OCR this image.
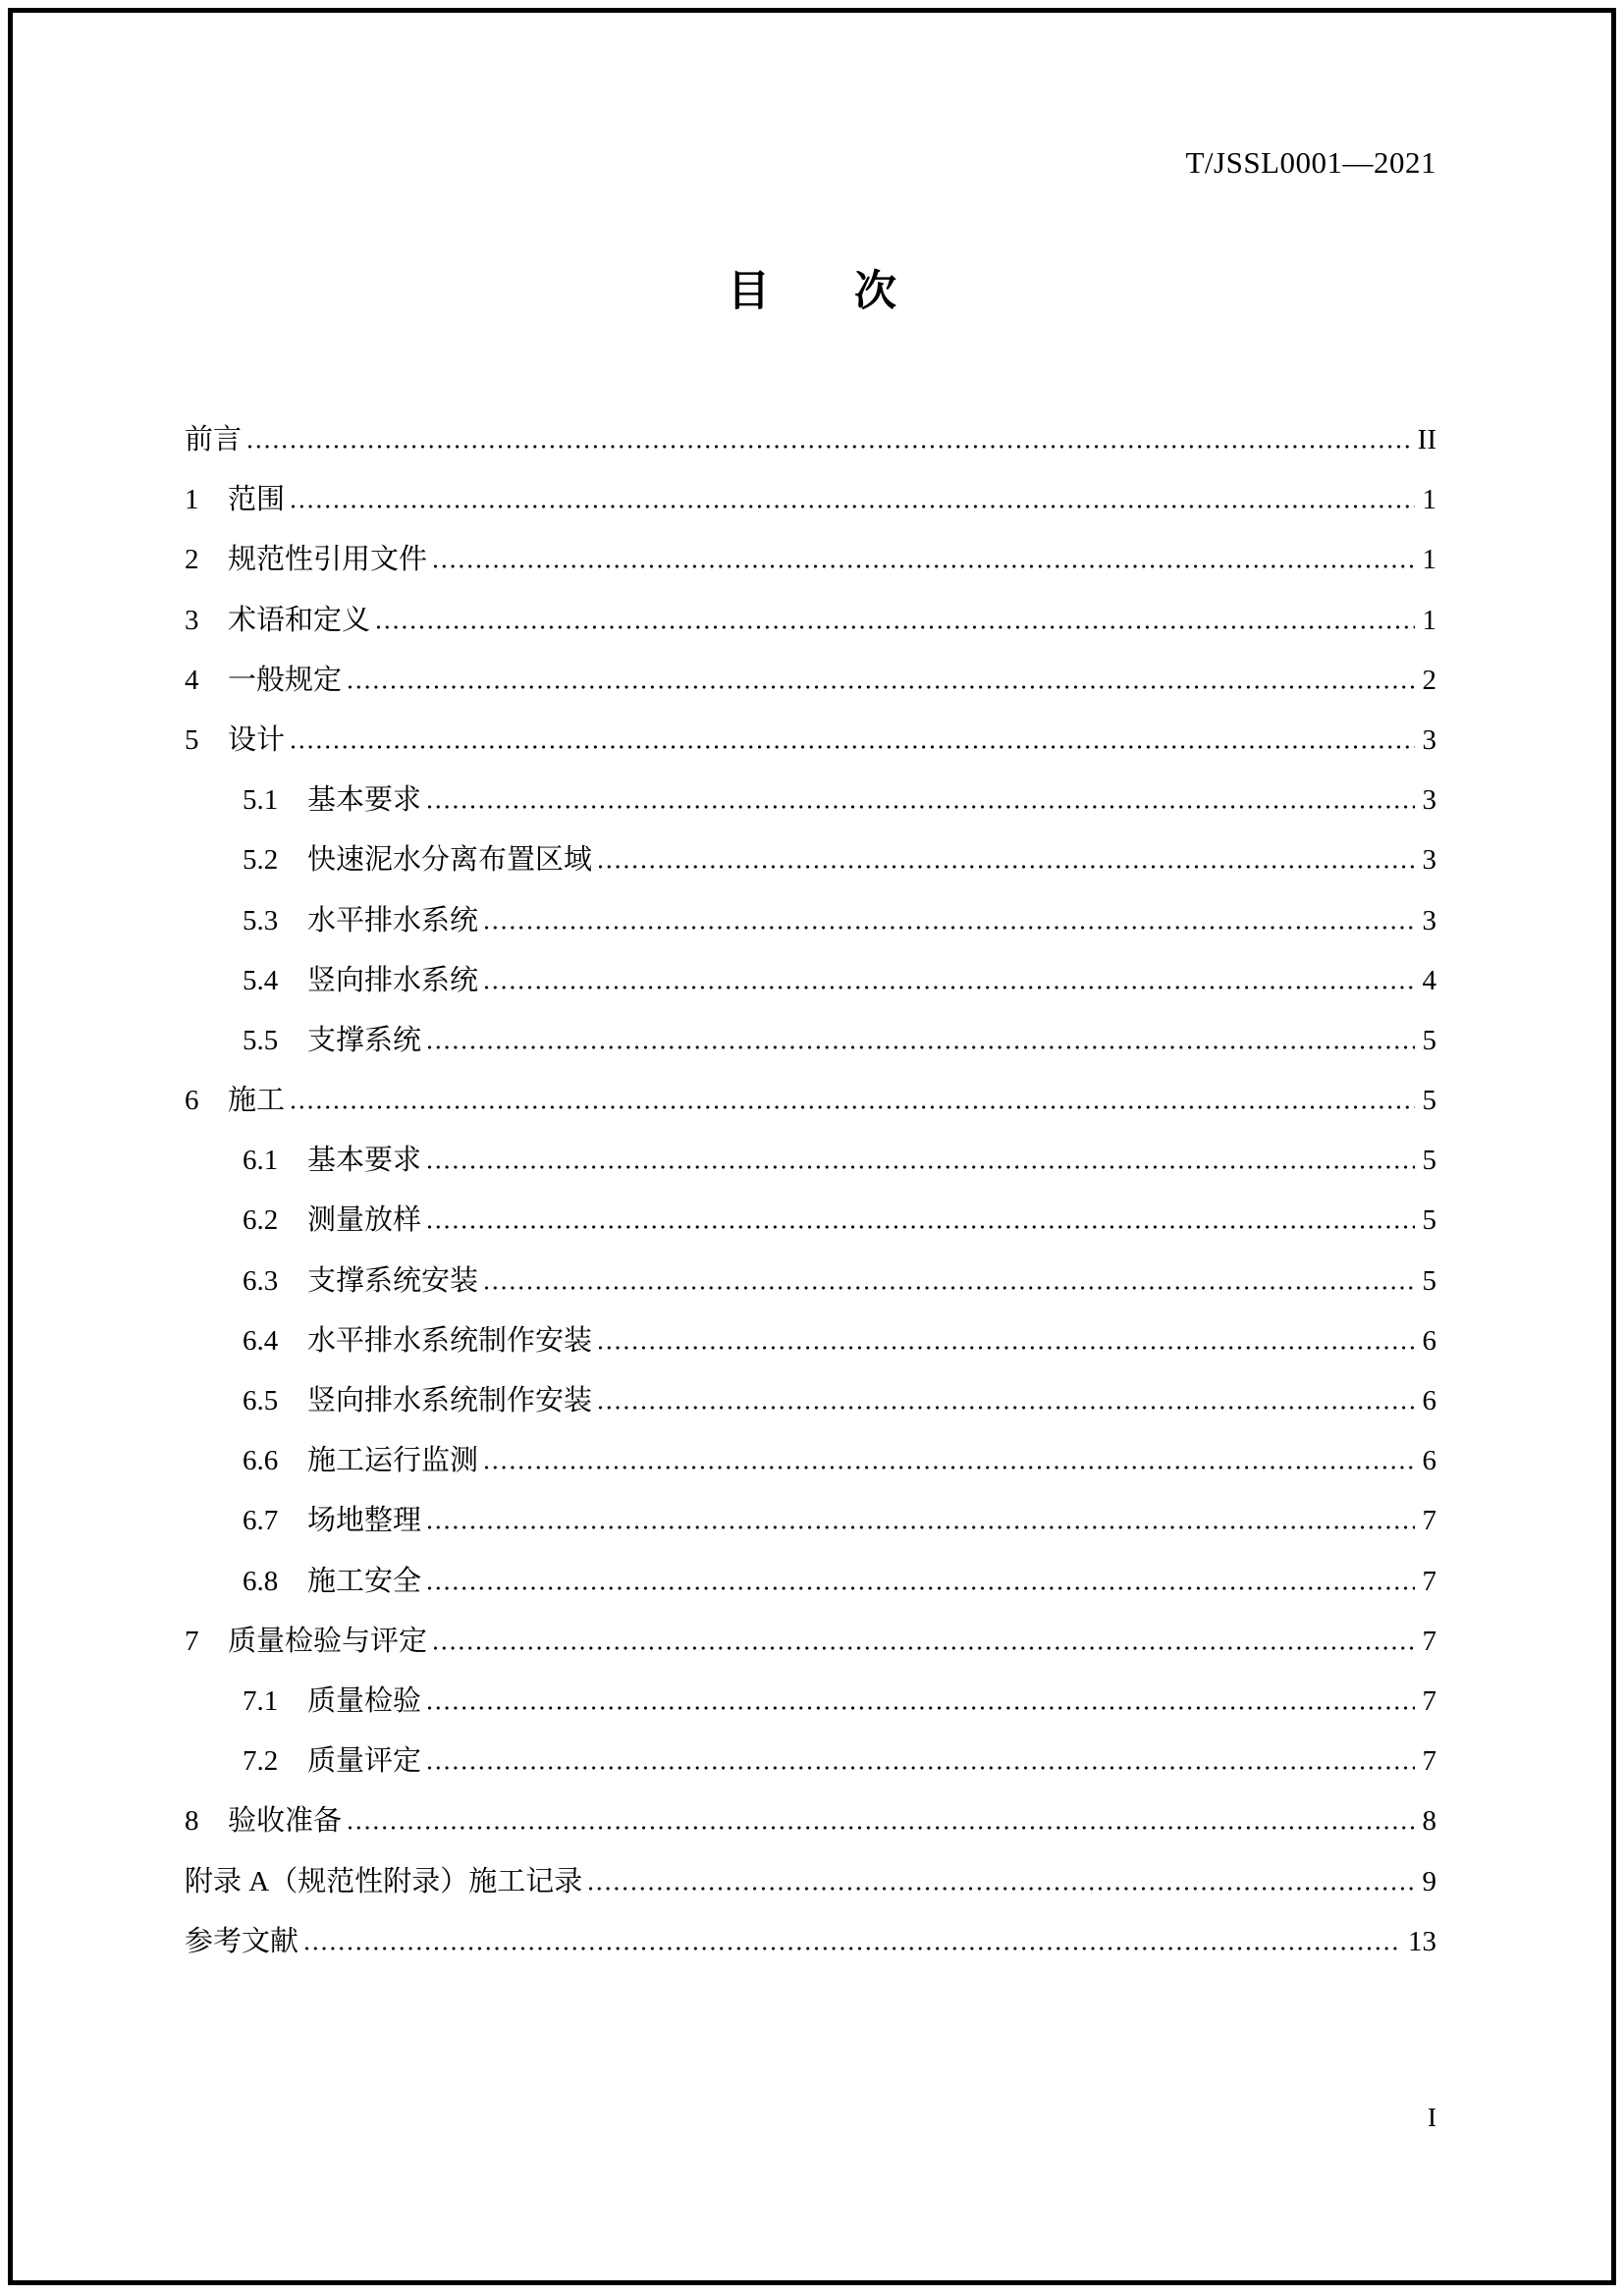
T/JSSL0001—2021
目　　次
前言	II
1	范围	1
2	规范性引用文件	1
3	术语和定义	1
4	一般规定	2
5	设计	3
5.1	基本要求	3
5.2	快速泥水分离布置区域	3
5.3	水平排水系统	3
5.4	竖向排水系统	4
5.5	支撑系统	5
6	施工	5
6.1	基本要求	5
6.2	测量放样	5
6.3	支撑系统安装	5
6.4	水平排水系统制作安装	6
6.5	竖向排水系统制作安装	6
6.6	施工运行监测	6
6.7	场地整理	7
6.8	施工安全	7
7	质量检验与评定	7
7.1	质量检验	7
7.2	质量评定	7
8	验收准备	8
附录 A（规范性附录）施工记录	9
参考文献	13
I
